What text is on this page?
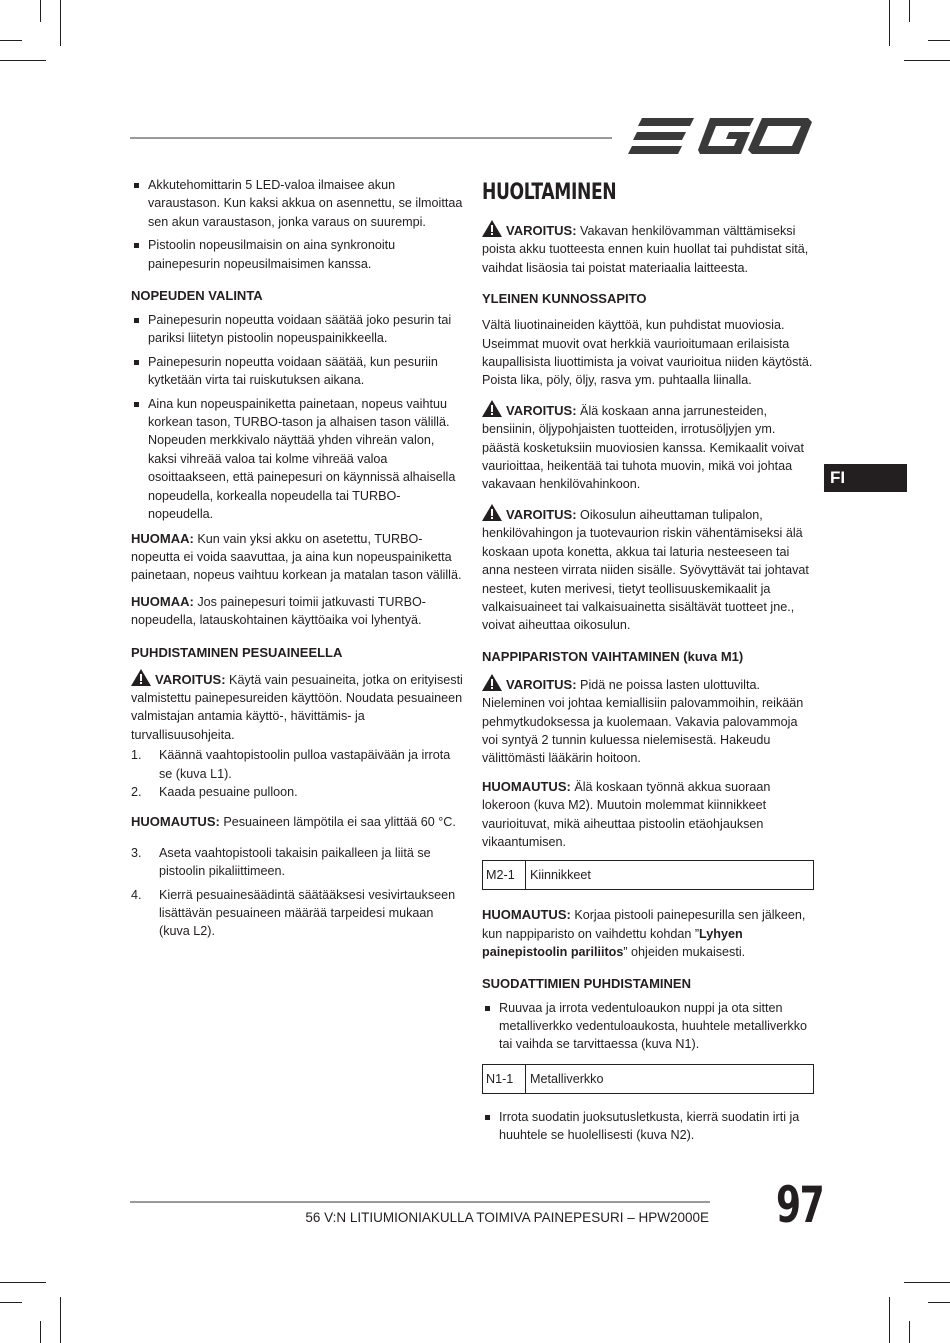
EGO
FI

Akkutehomittarin 5 LED-valoa ilmaisee akun varaustason. Kun kaksi akkua on asennettu, se ilmoittaa sen akun varaustason, jonka varaus on suurempi.

Pistoolin nopeusilmaisin on aina synkronoitu painepesurin nopeusilmaisimen kanssa.

NOPEUDEN VALINTA

Painepesurin nopeutta voidaan säätää joko pesurin tai pariksi liitetyn pistoolin nopeuspainikkeella.

Painepesurin nopeutta voidaan säätää, kun pesuriin kytketään virta tai ruiskutuksen aikana.

Aina kun nopeuspainiketta painetaan, nopeus vaihtuu korkean tason, TURBO-tason ja alhaisen tason välillä. Nopeuden merkkivalo näyttää yhden vihreän valon, kaksi vihreää valoa tai kolme vihreää valoa osoittaakseen, että painepesuri on käynnissä alhaisella nopeudella, korkealla nopeudella tai TURBO-nopeudella.

HUOMAA: Kun vain yksi akku on asetettu, TURBO-nopeutta ei voida saavuttaa, ja aina kun nopeuspainiketta painetaan, nopeus vaihtuu korkean ja matalan tason välillä.

HUOMAA: Jos painepesuri toimii jatkuvasti TURBO-nopeudella, latauskohtainen käyttöaika voi lyhentyä.

PUHDISTAMINEN PESUAINEELLA

VAROITUS: Käytä vain pesuaineita, jotka on erityisesti valmistettu painepesureiden käyttöön. Noudata pesuaineen valmistajan antamia käyttö-, hävittämis- ja turvallisuusohjeita.

1. Käännä vaahtopistoolin pulloa vastapäivään ja irrota se (kuva L1).

2. Kaada pesuaine pulloon.

HUOMAUTUS: Pesuaineen lämpötila ei saa ylittää 60 °C.

3. Aseta vaahtopistooli takaisin paikalleen ja liitä se pistoolin pikaliittimeen.

4. Kierrä pesuainesäädintä säätääksesi vesivirtaukseen lisättävän pesuaineen määrää tarpeidesi mukaan (kuva L2).

HUOLTAMINEN

VAROITUS: Vakavan henkilövamman välttämiseksi poista akku tuotteesta ennen kuin huollat tai puhdistat sitä, vaihdat lisäosia tai poistat materiaalia laitteesta.

YLEINEN KUNNOSSAPITO

Vältä liuotinaineiden käyttöä, kun puhdistat muoviosia. Useimmat muovit ovat herkkiä vaurioitumaan erilaisista kaupallisista liuottimista ja voivat vaurioitua niiden käytöstä. Poista lika, pöly, öljy, rasva ym. puhtaalla liinalla.

VAROITUS: Älä koskaan anna jarrunesteiden, bensiinin, öljypohjaisten tuotteiden, irrotusöljyjen ym. päästä kosketuksiin muoviosien kanssa. Kemikaalit voivat vaurioittaa, heikentää tai tuhota muovin, mikä voi johtaa vakavaan henkilövahinkoon.

VAROITUS: Oikosulun aiheuttaman tulipalon, henkilövahingon ja tuotevaurion riskin vähentämiseksi älä koskaan upota konetta, akkua tai laturia nesteeseen tai anna nesteen virrata niiden sisälle. Syövyttävät tai johtavat nesteet, kuten merivesi, tietyt teollisuuskemikaalit ja valkaisuaineet tai valkaisuainetta sisältävät tuotteet jne., voivat aiheuttaa oikosulun.

NAPPIPARISTON VAIHTAMINEN (kuva M1)

VAROITUS: Pidä ne poissa lasten ulottuvilta. Nieleminen voi johtaa kemiallisiin palovammoihin, reikään pehmytkudoksessa ja kuolemaan. Vakavia palovammoja voi syntyä 2 tunnin kuluessa nielemisestä. Hakeudu välittömästi lääkärin hoitoon.

HUOMAUTUS: Älä koskaan työnnä akkua suoraan lokeroon (kuva M2). Muutoin molemmat kiinnikkeet vaurioituvat, mikä aiheuttaa pistoolin etäohjauksen vikaantumisen.

M2-1	Kiinnikkeet

HUOMAUTUS: Korjaa pistooli painepesurilla sen jälkeen, kun nappiparisto on vaihdettu kohdan ”Lyhyen painepistoolin pariliitos” ohjeiden mukaisesti.

SUODATTIMIEN PUHDISTAMINEN

Ruuvaa ja irrota vedentuloaukon nuppi ja ota sitten metalliverkko vedentuloaukosta, huuhtele metalliverkko tai vaihda se tarvittaessa (kuva N1).

N1-1	Metalliverkko

Irrota suodatin juoksutusletkusta, kierrä suodatin irti ja huuhtele se huolellisesti (kuva N2).

56 V:N LITIUMIONIAKULLA TOIMIVA PAINEPESURI – HPW2000E 97
